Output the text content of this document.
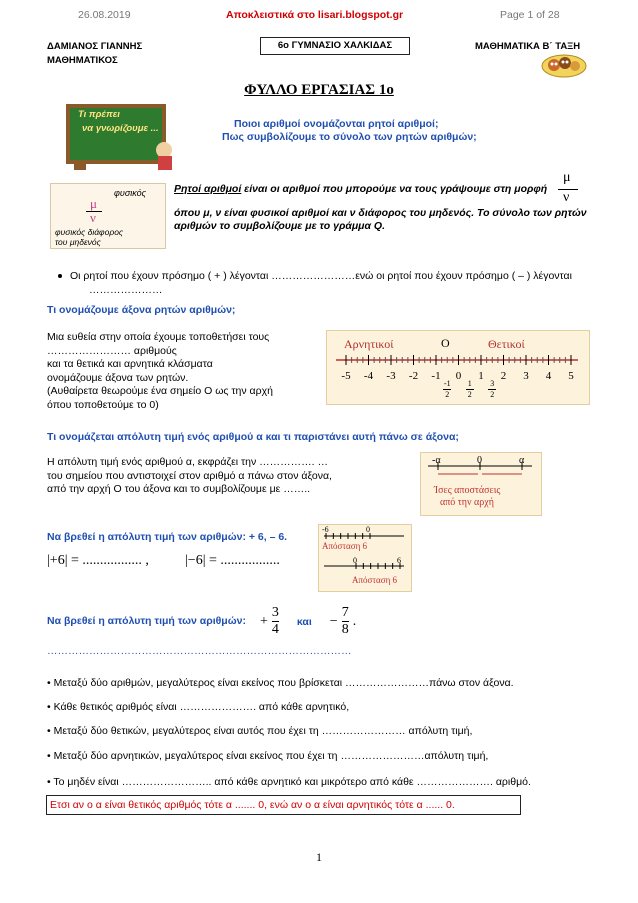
26.08.2019	Αποκλειστικά στο lisari.blogspot.gr	Page 1 of 28
ΔΑΜΙΑΝΟΣ ΓΙΑΝΝΗΣ
ΜΑΘΗΜΑΤΙΚΟΣ
6ο ΓΥΜΝΑΣΙΟ ΧΑΛΚΙΔΑΣ	ΜΑΘΗΜΑΤΙΚΑ Β΄ ΤΑΞΗ
ΦΥΛΛΟ ΕΡΓΑΣΙΑΣ 1ο
Τι πρέπει
να γνωρίζουμε ...	Ποιοι αριθμοί ονομάζονται ρητοί αριθμοί;
Πως συμβολίζουμε το σύνολο των ρητών αριθμών;
μ
ν
φυσικός
φυσικός διάφορος
του μηδενός
Ρητοί αριθμοί είναι οι αριθμοί που μπορούμε να τους γράψουμε στη μορφή
μ
ν
όπου μ, ν είναι φυσικοί αριθμοί και ν διάφορος του μηδενός. Το σύνολο των ρητών
αριθμών το συμβολίζουμε με το γράμμα Q.
Οι ρητοί που έχουν πρόσημο ( + ) λέγονται ……………………ενώ οι ρητοί που έχουν πρόσημο ( – ) λέγονται
…………………
Τι ονομάζουμε άξονα ρητών αριθμών;
Μια ευθεία στην οποία έχουμε τοποθετήσει τους
…………………… αριθμούς
και τα θετικά και αρνητικά κλάσματα
ονομάζουμε άξονα των ρητών.
(Αυθαίρετα θεωρούμε ένα σημείο Ο ως την αρχή
όπου τοποθετούμε το 0)
Αρνητικοί	Ο	Θετικοί
-5 -4 -3 -2 -1 0 1 2 3 4 5
-1
2
1
2
3
2
Τι ονομάζεται απόλυτη τιμή ενός αριθμού α και τι παριστάνει αυτή πάνω σε άξονα;
Η απόλυτη τιμή ενός αριθμού α, εκφράζει την ……………. …
του σημείου που αντιστοιχεί στον αριθμό α πάνω στον άξονα,
από την αρχή Ο του άξονα και το συμβολίζουμε με ……..
-α	0	α
Ίσες αποστάσεις
από την αρχή
Να βρεθεί η απόλυτη τιμή των αριθμών: + 6, – 6.
|+6| = ................. ,	|−6| = .................
-6	0
Απόσταση 6
0	6
Απόσταση 6
Να βρεθεί η απόλυτη τιμή των αριθμών: + $\frac{3}{4}$ $\kappa\alpha\iota - \frac{7}{8}$ .
……………………………………………………………………………
• Μεταξύ δύο αριθμών, μεγαλύτερος είναι εκείνος που βρίσκεται ……………………πάνω στον άξονα.
• Κάθε θετικός αριθμός είναι …………………. από κάθε αρνητικό,
• Μεταξύ δύο θετικών, μεγαλύτερος είναι αυτός που έχει τη …………………… απόλυτη τιμή,
• Μεταξύ δύο αρνητικών, μεγαλύτερος είναι εκείνος που έχει τη ……………………απόλυτη τιμή,
• Το μηδέν είναι …………………….. από κάθε αρνητικό και μικρότερο από κάθε …………………. αριθμό.
Ετσι αν ο α είναι θετικός αριθμός τότε α ....... 0, ενώ αν ο α είναι αρνητικός τότε α ...... 0.
1
